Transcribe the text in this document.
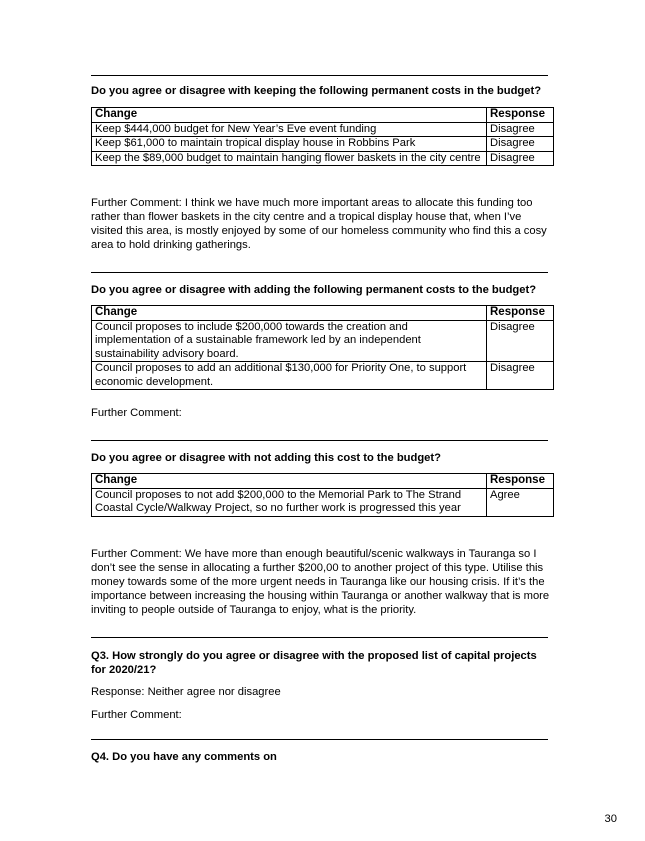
Do you agree or disagree with keeping the following permanent costs in the budget?
Change	Response
Keep $444,000 budget for New Year’s Eve event funding	Disagree
Keep $61,000 to maintain tropical display house in Robbins Park	Disagree
Keep the $89,000 budget to maintain hanging flower baskets in the city centre	Disagree
Further Comment: I think we have much more important areas to allocate this funding too rather than flower baskets in the city centre and a tropical display house that, when I’ve visited this area, is mostly enjoyed by some of our homeless community who find this a cosy area to hold drinking gatherings.
Do you agree or disagree with adding the following permanent costs to the budget?
Change	Response
Council proposes to include $200,000 towards the creation and implementation of a sustainable framework led by an independent sustainability advisory board.	Disagree
Council proposes to add an additional $130,000 for Priority One, to support economic development.	Disagree
Further Comment:
Do you agree or disagree with not adding this cost to the budget?
Change	Response
Council proposes to not add $200,000 to the Memorial Park to The Strand Coastal Cycle/Walkway Project, so no further work is progressed this year	Agree
Further Comment: We have more than enough beautiful/scenic walkways in Tauranga so I don’t see the sense in allocating a further $200,00 to another project of this type. Utilise this money towards some of the more urgent needs in Tauranga like our housing crisis. If it’s the importance between increasing the housing within Tauranga or another walkway that is more inviting to people outside of Tauranga to enjoy, what is the priority.
Q3. How strongly do you agree or disagree with the proposed list of capital projects for 2020/21?
Response: Neither agree nor disagree
Further Comment:
Q4. Do you have any comments on
30
